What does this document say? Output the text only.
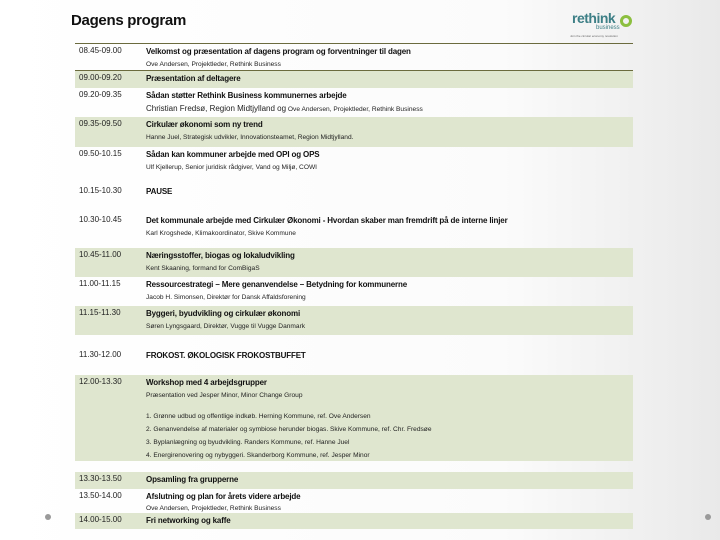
Dagens program	rethink
business
Join the circular economy revolution
08.45-09.00	Velkomst og præsentation af dagens program og forventninger til dagen
Ove Andersen, Projektleder, Rethink Business
09.00-09.20	Præsentation af deltagere
09.20-09.35	Sådan støtter Rethink Business kommunernes arbejde
Christian Fredsø, Region Midtjylland og Ove Andersen, Projektleder, Rethink Business
09.35-09.50	Cirkulær økonomi som ny trend
Hanne Juel, Strategisk udvikler, Innovationsteamet, Region Midtjylland.
09.50-10.15	Sådan kan kommuner arbejde med OPI og OPS
Ulf Kjellerup, Senior juridisk rådgiver, Vand og Miljø, COWI
10.15-10.30	PAUSE
10.30-10.45	Det kommunale arbejde med Cirkulær Økonomi - Hvordan skaber man fremdrift på de interne linjer
Karl Krogshede, Klimakoordinator, Skive Kommune
10.45-11.00	Næringsstoffer, biogas og lokaludvikling
Kent Skaaning, formand for ComBigaS
11.00-11.15	Ressourcestrategi – Mere genanvendelse – Betydning for kommunerne
Jacob H. Simonsen, Direktør for Dansk Affaldsforening
11.15-11.30	Byggeri, byudvikling og cirkulær økonomi
Søren Lyngsgaard, Direktør, Vugge til Vugge Danmark
11.30-12.00	FROKOST. ØKOLOGISK FROKOSTBUFFET
12.00-13.30	Workshop med 4 arbejdsgrupper
Præsentation ved Jesper Minor, Minor Change Group
1. Grønne udbud og offentlige indkøb. Herning Kommune, ref. Ove Andersen
2. Genanvendelse af materialer og symbiose herunder biogas. Skive Kommune, ref. Chr. Fredsøe
3. Byplanlægning og byudvikling. Randers Kommune, ref. Hanne Juel
4. Energirenovering og nybyggeri. Skanderborg Kommune, ref. Jesper Minor
13.30-13.50	Opsamling fra grupperne
13.50-14.00	Afslutning og plan for årets videre arbejde
Ove Andersen, Projektleder, Rethink Business
14.00-15.00	Fri networking og kaffe
